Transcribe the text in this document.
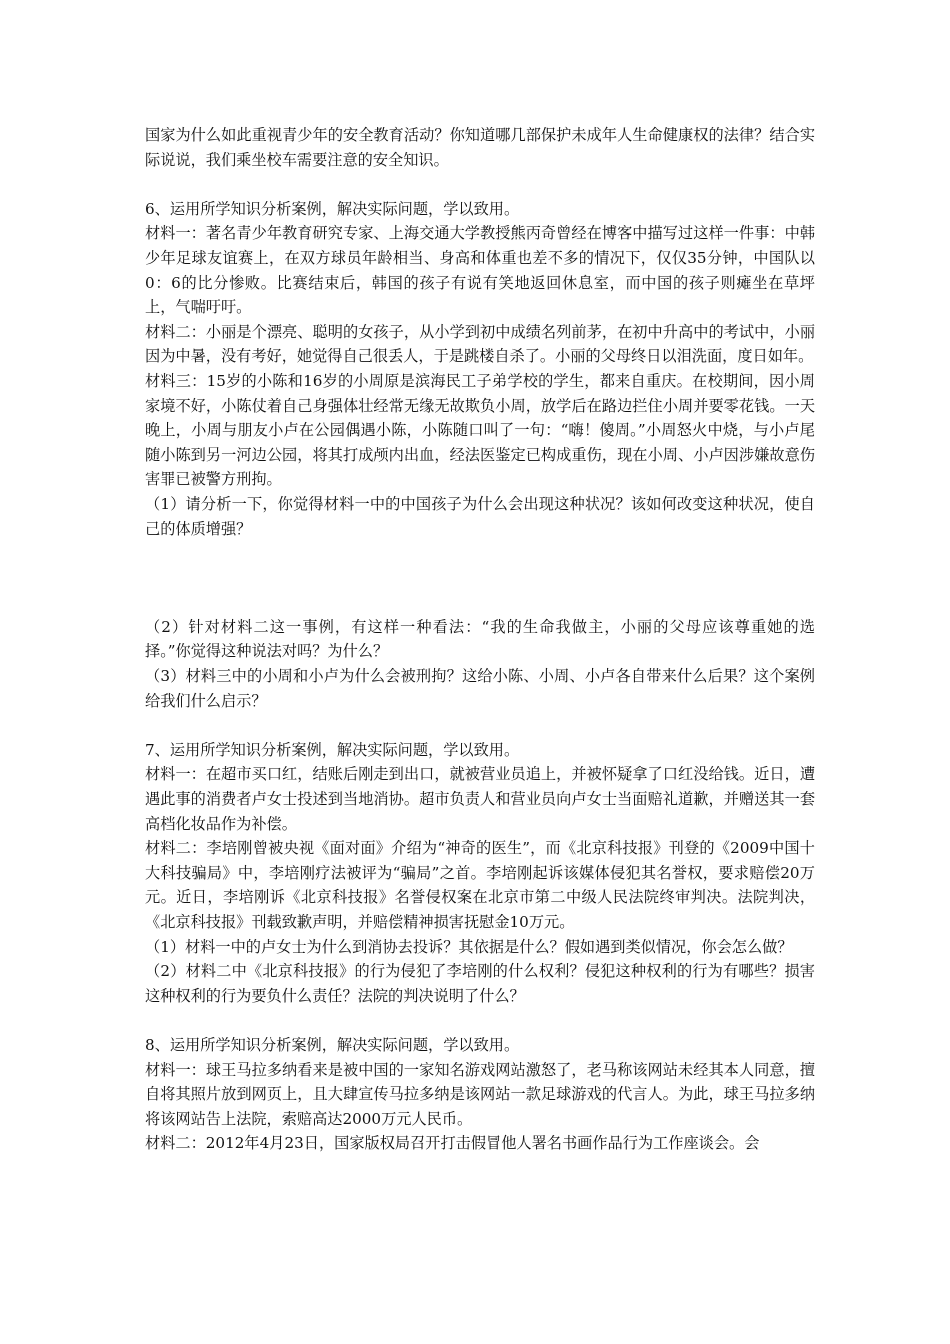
国家为什么如此重视青少年的安全教育活动？你知道哪几部保护未成年人生命健康权的法律？结合实际说说，我们乘坐校车需要注意的安全知识。

6、运用所学知识分析案例，解决实际问题，学以致用。

材料一：著名青少年教育研究专家、上海交通大学教授熊丙奇曾经在博客中描写过这样一件事：中韩少年足球友谊赛上，在双方球员年龄相当、身高和体重也差不多的情况下，仅仅35分钟，中国队以0：6的比分惨败。比赛结束后，韩国的孩子有说有笑地返回休息室，而中国的孩子则瘫坐在草坪上，气喘吁吁。

材料二：小丽是个漂亮、聪明的女孩子，从小学到初中成绩名列前茅，在初中升高中的考试中，小丽因为中暑，没有考好，她觉得自己很丢人，于是跳楼自杀了。小丽的父母终日以泪洗面，度日如年。

材料三：15岁的小陈和16岁的小周原是滨海民工子弟学校的学生，都来自重庆。在校期间，因小周家境不好，小陈仗着自己身强体壮经常无缘无故欺负小周，放学后在路边拦住小周并要零花钱。一天晚上，小周与朋友小卢在公园偶遇小陈，小陈随口叫了一句：“嗨！傻周。”小周怒火中烧，与小卢尾随小陈到另一河边公园，将其打成颅内出血，经法医鉴定已构成重伤，现在小周、小卢因涉嫌故意伤害罪已被警方刑拘。

（1）请分析一下，你觉得材料一中的中国孩子为什么会出现这种状况？该如何改变这种状况，使自己的体质增强？

（2）针对材料二这一事例，有这样一种看法：“我的生命我做主，小丽的父母应该尊重她的选择。”你觉得这种说法对吗？为什么？

（3）材料三中的小周和小卢为什么会被刑拘？这给小陈、小周、小卢各自带来什么后果？这个案例给我们什么启示？

7、运用所学知识分析案例，解决实际问题，学以致用。

材料一：在超市买口红，结账后刚走到出口，就被营业员追上，并被怀疑拿了口红没给钱。近日，遭遇此事的消费者卢女士投述到当地消协。超市负责人和营业员向卢女士当面赔礼道歉，并赠送其一套高档化妆品作为补偿。

材料二：李培刚曾被央视《面对面》介绍为“神奇的医生”，而《北京科技报》刊登的《2009中国十大科技骗局》中，李培刚疗法被评为“骗局”之首。李培刚起诉该媒体侵犯其名誉权，要求赔偿20万元。近日，李培刚诉《北京科技报》名誉侵权案在北京市第二中级人民法院终审判决。法院判决，《北京科技报》刊载致歉声明，并赔偿精神损害抚慰金10万元。

（1）材料一中的卢女士为什么到消协去投诉？其依据是什么？假如遇到类似情况，你会怎么做？

（2）材料二中《北京科技报》的行为侵犯了李培刚的什么权利？侵犯这种权利的行为有哪些？损害这种权利的行为要负什么责任？法院的判决说明了什么？

8、运用所学知识分析案例，解决实际问题，学以致用。

材料一：球王马拉多纳看来是被中国的一家知名游戏网站激怒了，老马称该网站未经其本人同意，擅自将其照片放到网页上，且大肆宣传马拉多纳是该网站一款足球游戏的代言人。为此，球王马拉多纳将该网站告上法院，索赔高达2000万元人民币。

材料二：2012年4月23日，国家版权局召开打击假冒他人署名书画作品行为工作座谈会。会
